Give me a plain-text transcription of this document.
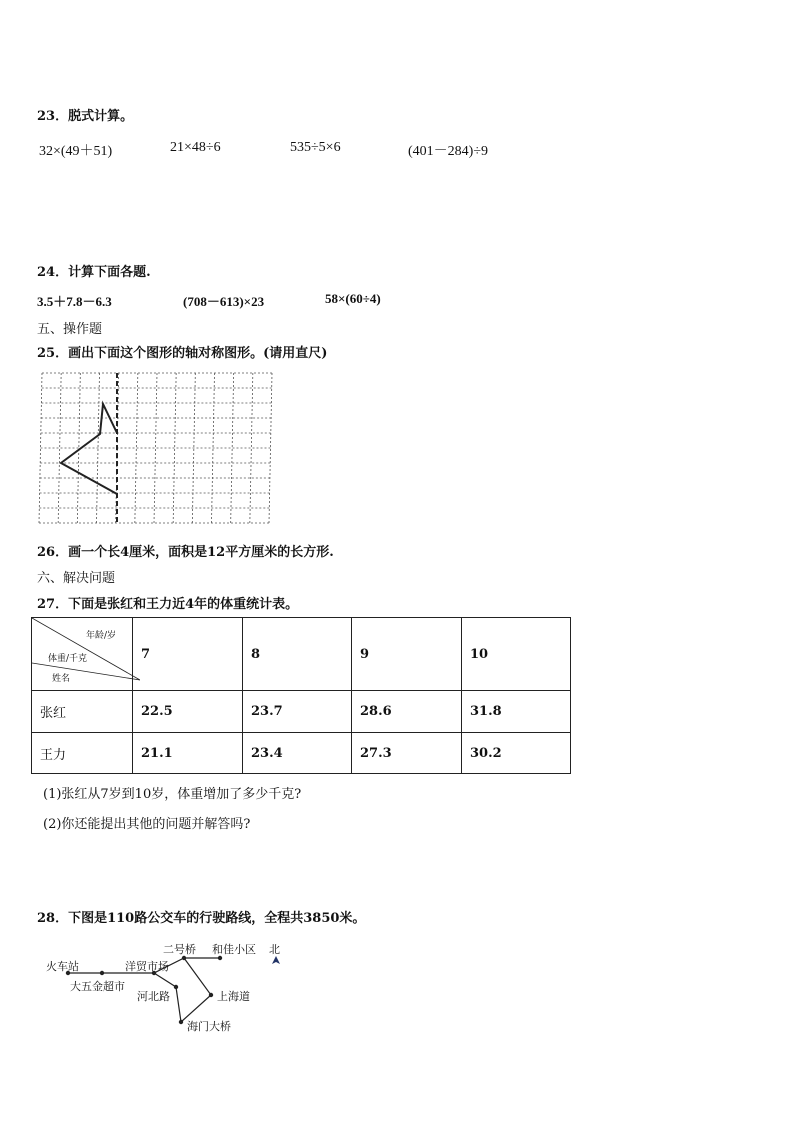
23．脱式计算。
32×(49＋51)	21×48÷6	535÷5×6	(401－284)÷9
24．计算下面各题.
3.5＋7.8－6.3	(708－613)×23	58×(60÷4)
五、操作题
25．画出下面这个图形的轴对称图形。(请用直尺)
26．画一个长4厘米，面积是12平方厘米的长方形.
六、解决问题
27．下面是张红和王力近4年的体重统计表。
年龄/岁
体重/千克
姓名	7	8	9	10
张红	22.5	23.7	28.6	31.8
王力	21.1	23.4	27.3	30.2
(1)张红从7岁到10岁，体重增加了多少千克?
(2)你还能提出其他的问题并解答吗?
28．下图是110路公交车的行驶路线，全程共3850米。
火车站
大五金超市
洋贸市场
二号桥 和佳小区 北
河北路	上海道
海门大桥
